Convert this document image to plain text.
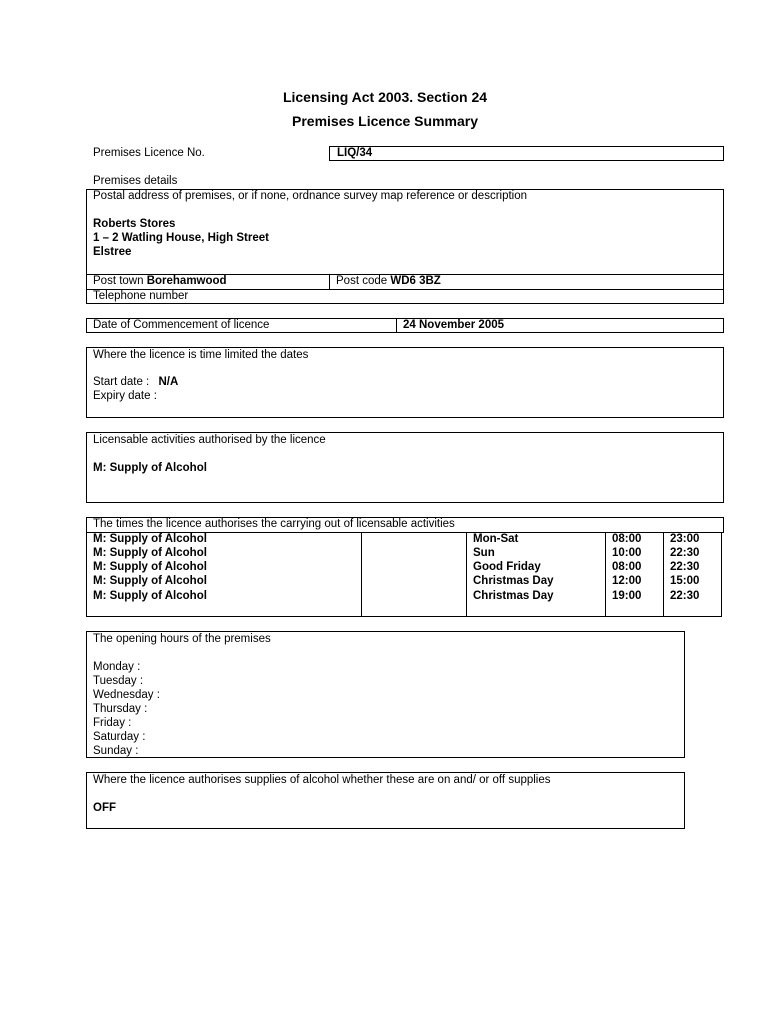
Licensing Act 2003. Section 24
Premises Licence Summary
Premises Licence No.	LIQ/34
Premises details
Postal address of premises, or if none, ordnance survey map reference or description
Roberts Stores
1 – 2 Watling House, High Street
Elstree
Post town Borehamwood	Post code WD6 3BZ
Telephone number
Date of Commencement of licence	24 November 2005
Where the licence is time limited the dates
Start date : N/A
Expiry date :
Licensable activities authorised by the licence
M: Supply of Alcohol
The times the licence authorises the carrying out of licensable activities
M: Supply of Alcohol	Mon-Sat	08:00 23:00
M: Supply of Alcohol	Sun	10:00 22:30
M: Supply of Alcohol	Good Friday	08:00 22:30
M: Supply of Alcohol	Christmas Day	12:00 15:00
M: Supply of Alcohol	Christmas Day	19:00 22:30
The opening hours of the premises
Monday :
Tuesday :
Wednesday :
Thursday :
Friday :
Saturday :
Sunday :
Where the licence authorises supplies of alcohol whether these are on and/ or off supplies
OFF
